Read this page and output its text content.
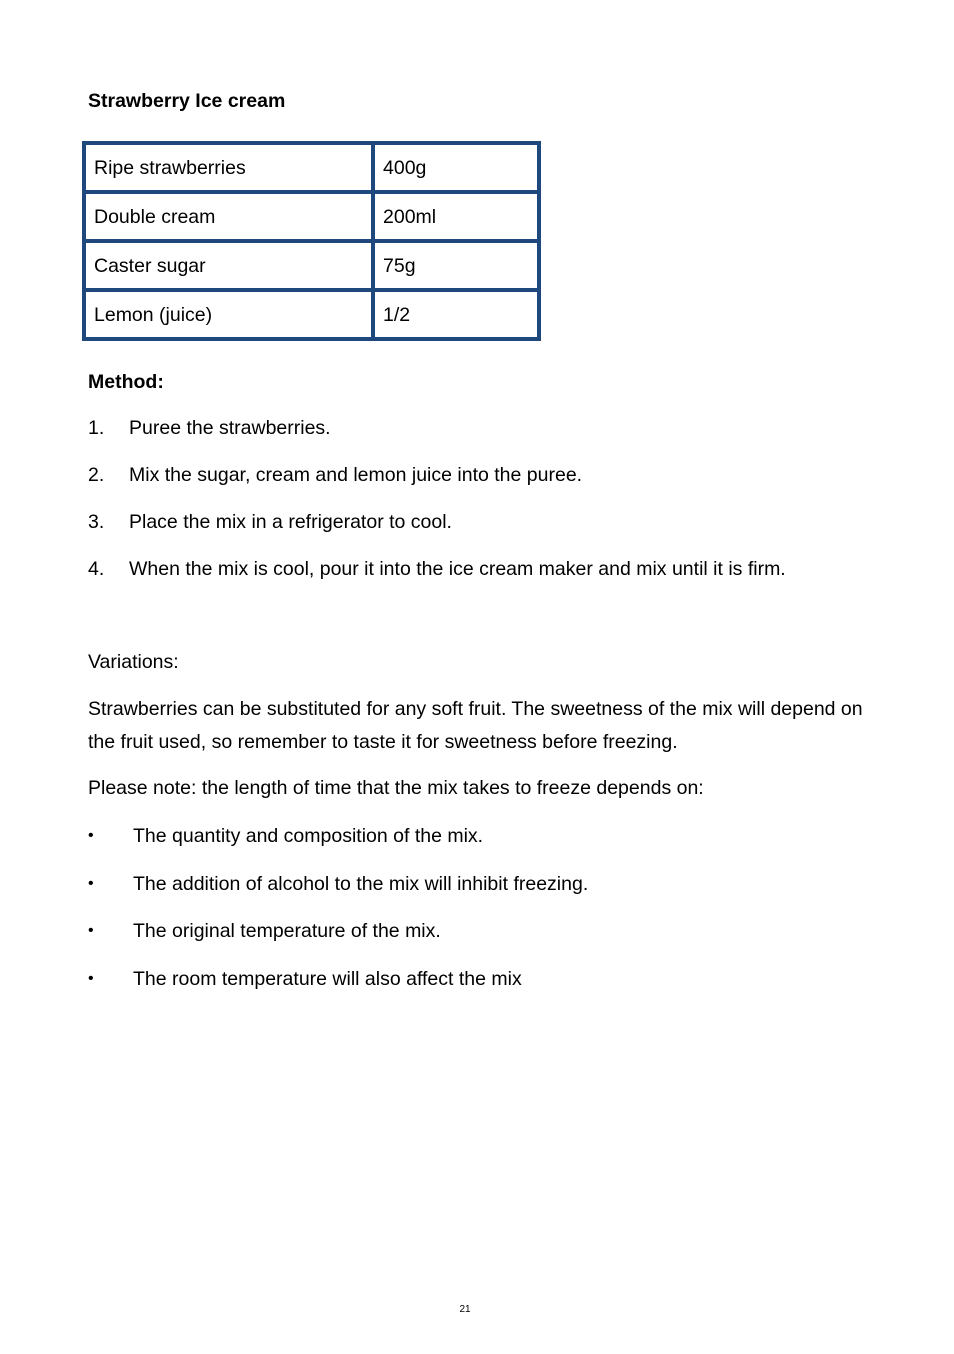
Strawberry Ice cream
Ripe strawberries	400g
Double cream	200ml
Caster sugar	75g
Lemon (juice)	1/2
Method:
1.	Puree the strawberries.
2.	Mix the sugar, cream and lemon juice into the puree.
3.	Place the mix in a refrigerator to cool.
4.	When the mix is cool, pour it into the ice cream maker and mix until it is firm.
Variations:
Strawberries can be substituted for any soft fruit. The sweetness of the mix will depend on the fruit used, so remember to taste it for sweetness before freezing.
Please note: the length of time that the mix takes to freeze depends on:
•	The quantity and composition of the mix.
•	The addition of alcohol to the mix will inhibit freezing.
•	The original temperature of the mix.
•	The room temperature will also affect the mix
21
